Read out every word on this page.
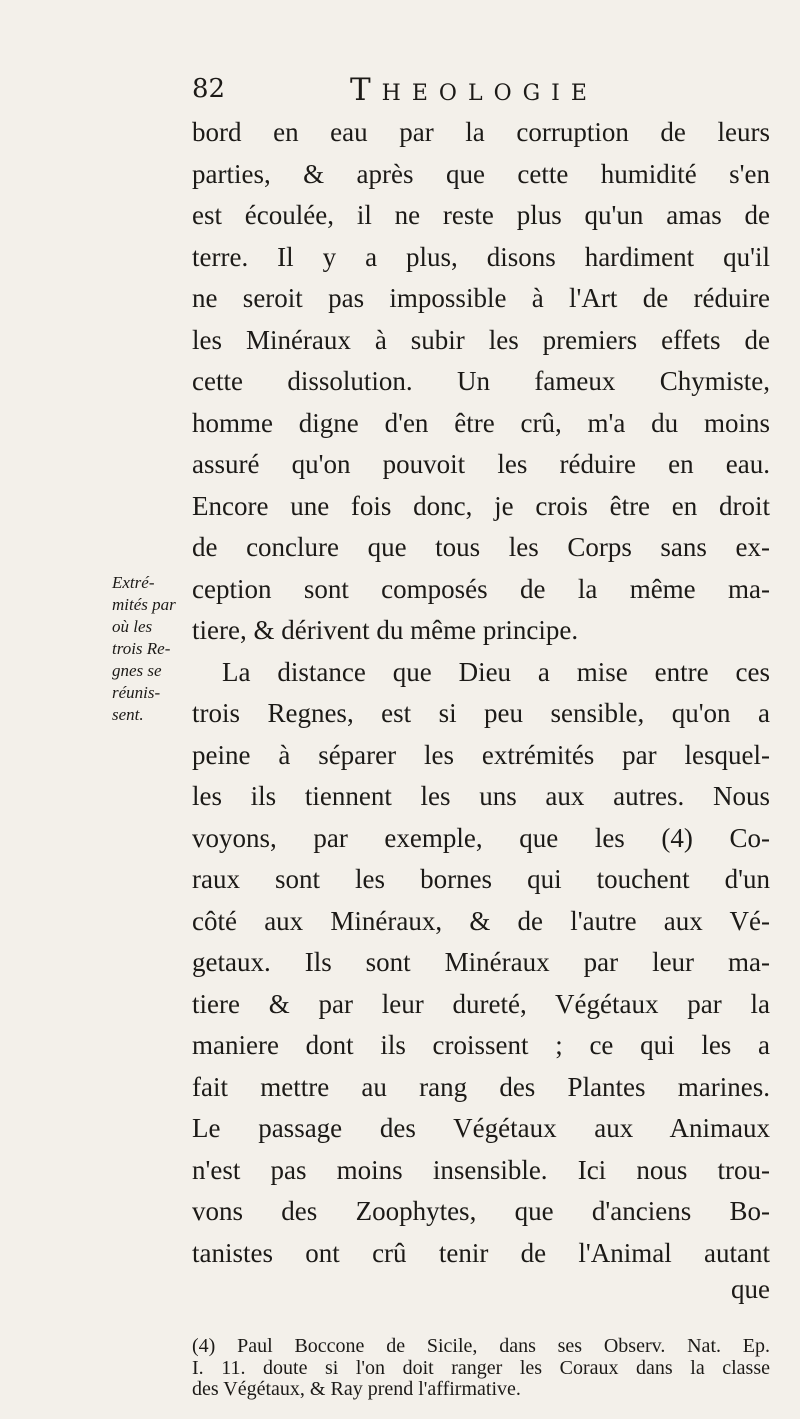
82	Theologie
Extré-
mités par
où les
trois Re-
gnes se
réunis-
sent.
bord en eau par la corruption de leurs
parties, & après que cette humidité s'en
est écoulée, il ne reste plus qu'un amas de
terre. Il y a plus, disons hardiment qu'il
ne seroit pas impossible à l'Art de réduire
les Minéraux à subir les premiers effets de
cette dissolution. Un fameux Chymiste,
homme digne d'en être crû, m'a du moins
assuré qu'on pouvoit les réduire en eau.
Encore une fois donc, je crois être en droit
de conclure que tous les Corps sans ex-
ception sont composés de la même ma-
tiere, & dérivent du même principe.
La distance que Dieu a mise entre ces
trois Regnes, est si peu sensible, qu'on a
peine à séparer les extrémités par lesquel-
les ils tiennent les uns aux autres. Nous
voyons, par exemple, que les (4) Co-
raux sont les bornes qui touchent d'un
côté aux Minéraux, & de l'autre aux Vé-
getaux. Ils sont Minéraux par leur ma-
tiere & par leur dureté, Végétaux par la
maniere dont ils croissent ; ce qui les a
fait mettre au rang des Plantes marines.
Le passage des Végétaux aux Animaux
n'est pas moins insensible. Ici nous trou-
vons des Zoophytes, que d'anciens Bo-
tanistes ont crû tenir de l'Animal autant
que
(4) Paul Boccone de Sicile, dans ses Observ. Nat. Ep.
I. 11. doute si l'on doit ranger les Coraux dans la classe
des Végétaux, & Ray prend l'affirmative.
